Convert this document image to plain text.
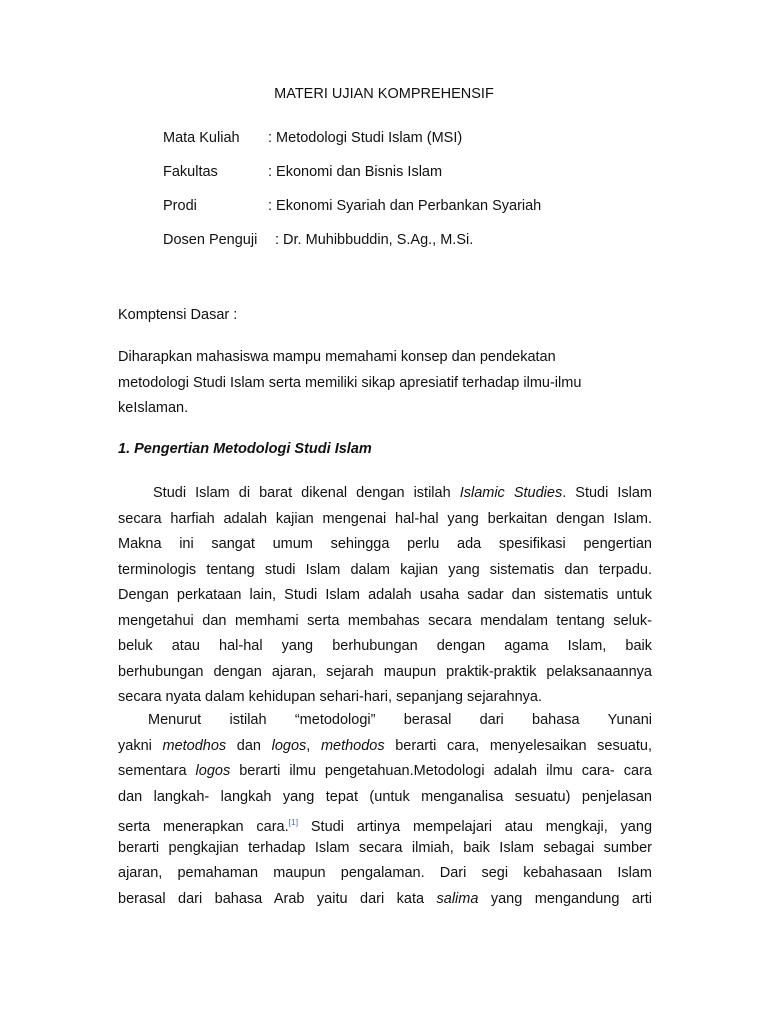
MATERI UJIAN KOMPREHENSIF
Mata Kuliah : Metodologi Studi Islam (MSI)
Fakultas	: Ekonomi dan Bisnis Islam
Prodi	: Ekonomi Syariah dan Perbankan Syariah
Dosen Penguji : Dr. Muhibbuddin, S.Ag., M.Si.

Komptensi Dasar :

Diharapkan mahasiswa mampu memahami konsep dan pendekatan
metodologi Studi Islam serta memiliki sikap apresiatif terhadap ilmu-ilmu
keIslaman.
1. Pengertian Metodologi Studi Islam
Studi Islam di barat dikenal dengan istilah Islamic Studies. Studi Islam
secara harfiah adalah kajian mengenai hal-hal yang berkaitan dengan Islam.
Makna ini sangat umum sehingga perlu ada spesifikasi pengertian
terminologis tentang studi Islam dalam kajian yang sistematis dan terpadu.
Dengan perkataan lain, Studi Islam adalah usaha sadar dan sistematis untuk
mengetahui dan memhami serta membahas secara mendalam tentang seluk-
beluk atau hal-hal yang berhubungan dengan agama Islam, baik
berhubungan dengan ajaran, sejarah maupun praktik-praktik pelaksanaannya
secara nyata dalam kehidupan sehari-hari, sepanjang sejarahnya.
Menurut istilah “metodologi” berasal dari bahasa Yunani
yakni metodhos dan logos, methodos berarti cara, menyelesaikan sesuatu,
sementara logos berarti ilmu pengetahuan.Metodologi adalah ilmu cara- cara
dan langkah- langkah yang tepat (untuk menganalisa sesuatu) penjelasan
serta menerapkan cara.[1] Studi artinya mempelajari atau mengkaji, yang
berarti pengkajian terhadap Islam secara ilmiah, baik Islam sebagai sumber
ajaran, pemahaman maupun pengalaman. Dari segi kebahasaan Islam
berasal dari bahasa Arab yaitu dari kata salima yang mengandung arti
